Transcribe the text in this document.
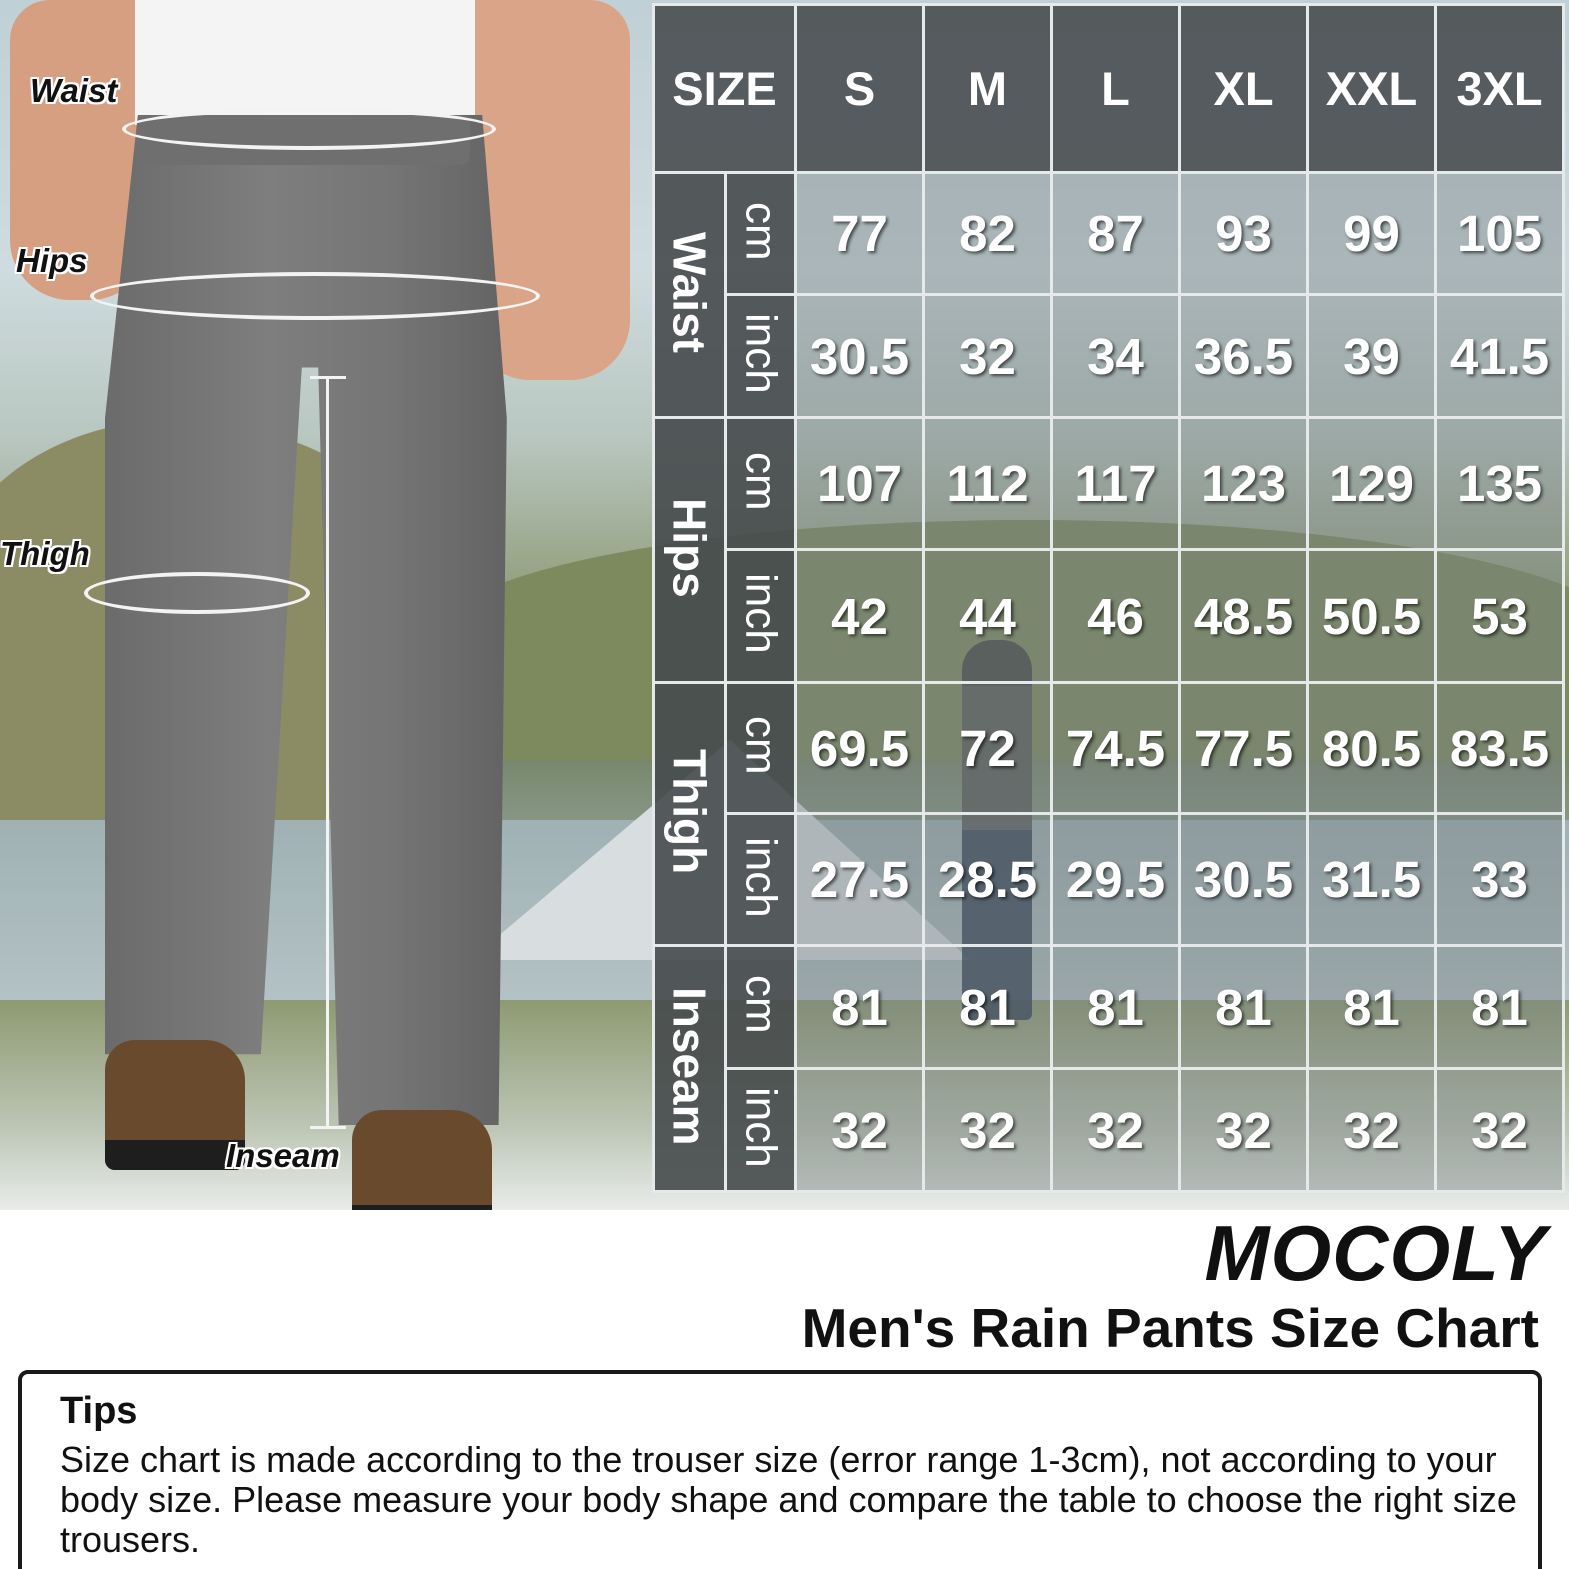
Waist
Hips
Thigh
Inseam
SIZE		S	M	L	XL	XXL	3XL
Waist	cm	77	82	87	93	99	105
	inch	30.5	32	34	36.5	39	41.5
Hips	cm	107	112	117	123	129	135
	inch	42	44	46	48.5	50.5	53
Thigh	cm	69.5	72	74.5	77.5	80.5	83.5
	inch	27.5	28.5	29.5	30.5	31.5	33
Inseam	cm	81	81	81	81	81	81
	inch	32	32	32	32	32	32
MOCOLY
Men's Rain Pants Size Chart
Tips

Size chart is made according to the trouser size (error range 1-3cm), not according to your body size. Please measure your body shape and compare the table to choose the right size trousers.
